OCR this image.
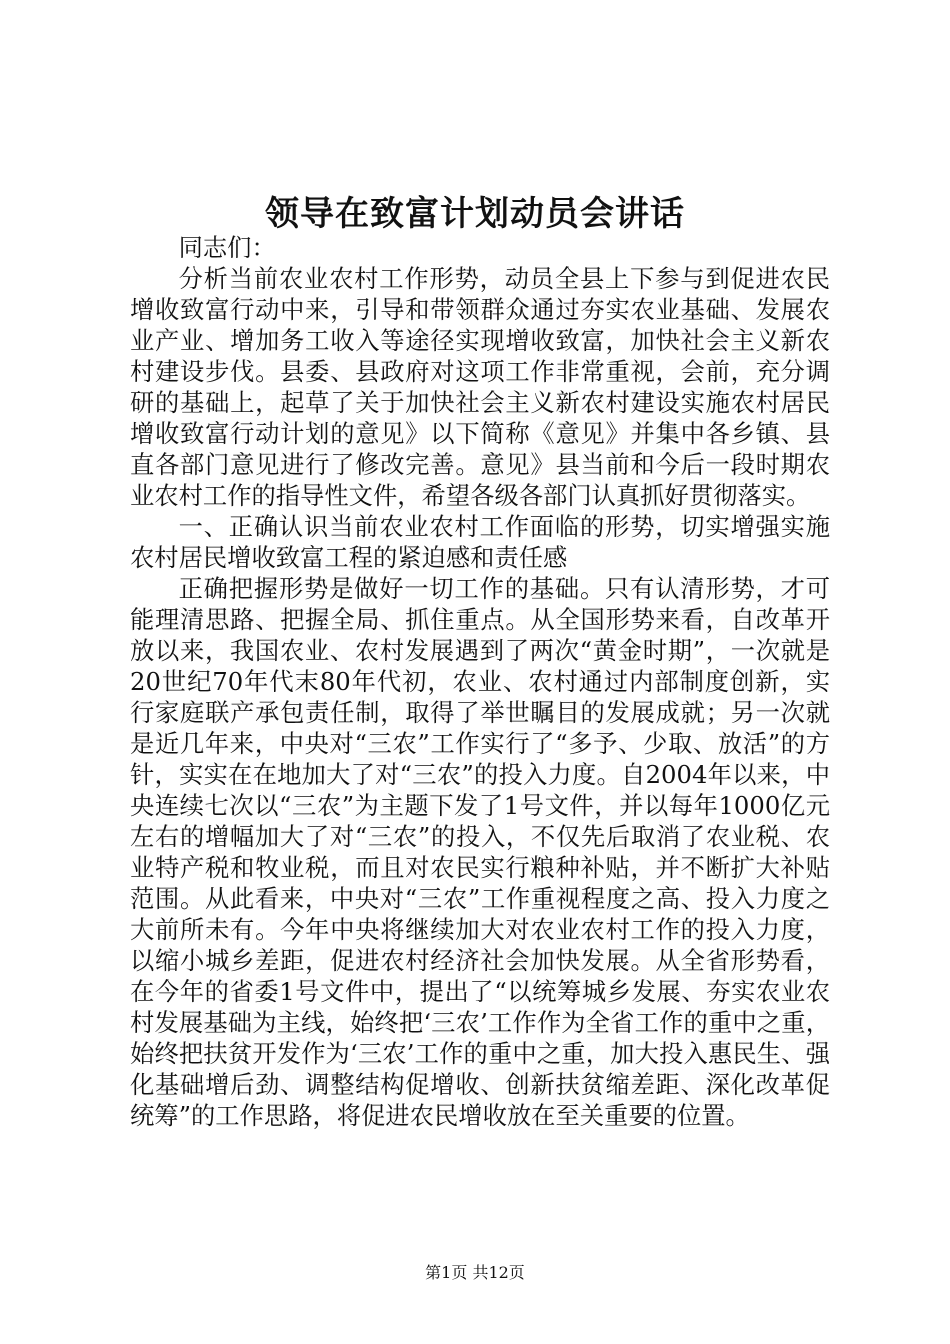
领导在致富计划动员会讲话

同志们：

分析当前农业农村工作形势，动员全县上下参与到促进农民增收致富行动中来，引导和带领群众通过夯实农业基础、发展农业产业、增加务工收入等途径实现增收致富，加快社会主义新农村建设步伐。县委、县政府对这项工作非常重视，会前，充分调研的基础上，起草了关于加快社会主义新农村建设实施农村居民增收致富行动计划的意见》以下简称《意见》并集中各乡镇、县直各部门意见进行了修改完善。意见》县当前和今后一段时期农业农村工作的指导性文件，希望各级各部门认真抓好贯彻落实。

一、正确认识当前农业农村工作面临的形势，切实增强实施农村居民增收致富工程的紧迫感和责任感

正确把握形势是做好一切工作的基础。只有认清形势，才可能理清思路、把握全局、抓住重点。从全国形势来看，自改革开放以来，我国农业、农村发展遇到了两次“黄金时期”，一次就是20世纪70年代末80年代初，农业、农村通过内部制度创新，实行家庭联产承包责任制，取得了举世瞩目的发展成就；另一次就是近几年来，中央对“三农”工作实行了“多予、少取、放活”的方针，实实在在地加大了对“三农”的投入力度。自2004年以来，中央连续七次以“三农”为主题下发了1号文件，并以每年1000亿元左右的增幅加大了对“三农”的投入，不仅先后取消了农业税、农业特产税和牧业税，而且对农民实行粮种补贴，并不断扩大补贴范围。从此看来，中央对“三农”工作重视程度之高、投入力度之大前所未有。今年中央将继续加大对农业农村工作的投入力度，以缩小城乡差距，促进农村经济社会加快发展。从全省形势看，在今年的省委1号文件中，提出了“以统筹城乡发展、夯实农业农村发展基础为主线，始终把‘三农’工作作为全省工作的重中之重，始终把扶贫开发作为‘三农’工作的重中之重，加大投入惠民生、强化基础增后劲、调整结构促增收、创新扶贫缩差距、深化改革促统筹”的工作思路，将促进农民增收放在至关重要的位置。

第1页 共12页
